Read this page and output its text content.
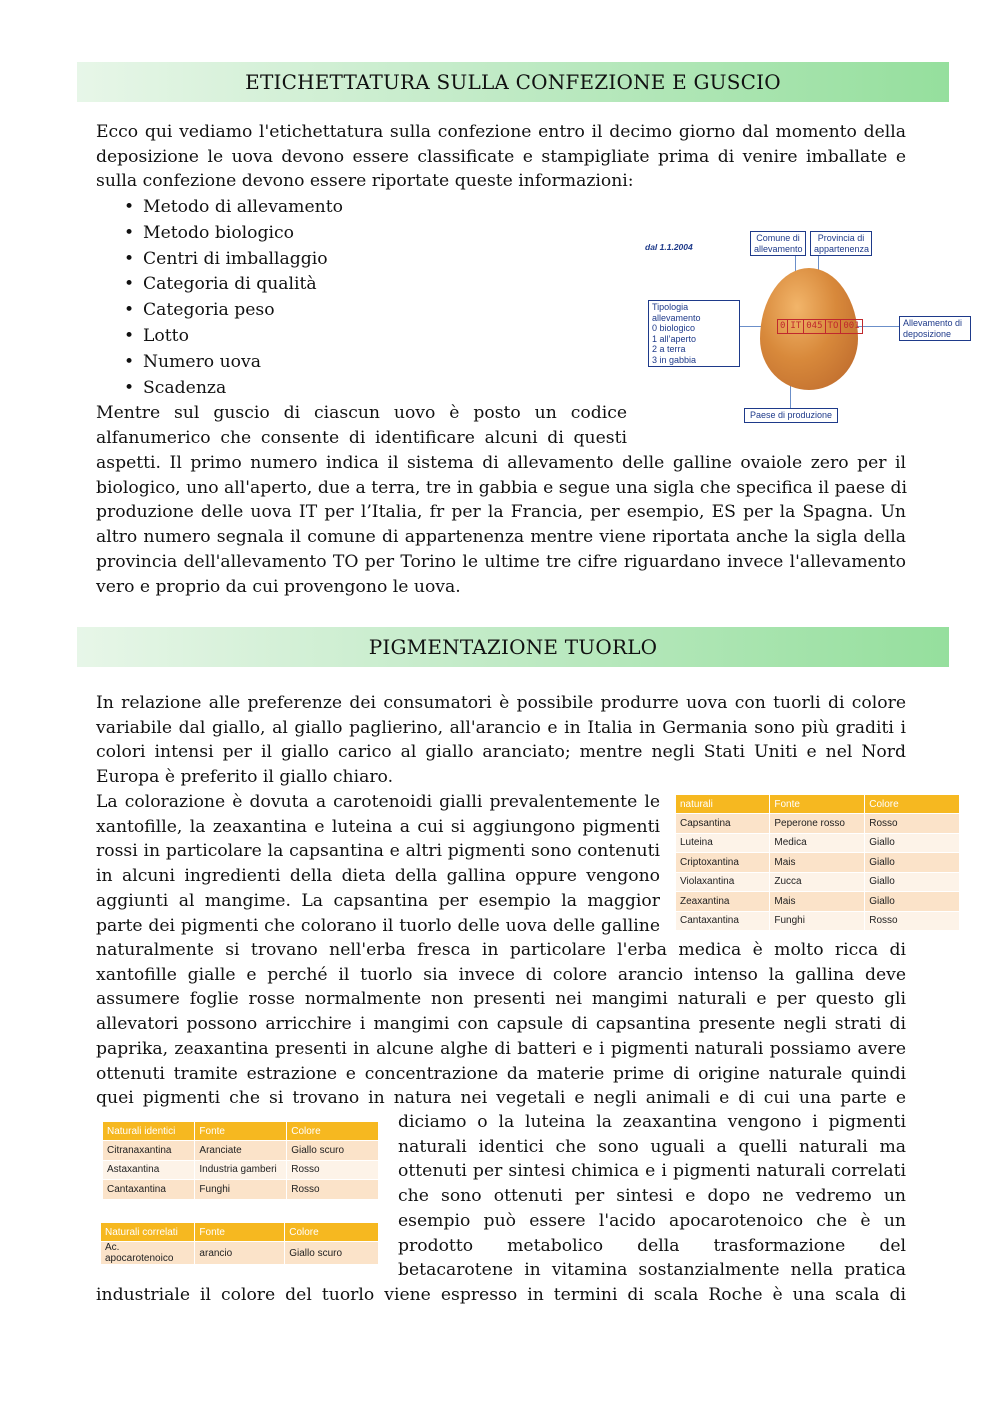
ETICHETTATURA SULLA CONFEZIONE E GUSCIO
Ecco qui vediamo l'etichettatura sulla confezione entro il decimo giorno dal momento della
deposizione le uova devono essere classificate e stampigliate prima di venire imballate e
sulla confezione devono essere riportate queste informazioni:
•
Metodo di allevamento
•
Metodo biologico
•
Centri di imballaggio
•
Categoria di qualità
•
Categoria peso
•
Lotto
•
Numero uova
•
Scadenza
Mentre sul guscio di ciascun uovo è posto un codice
alfanumerico che consente di identificare alcuni di questi
aspetti. Il primo numero indica il sistema di allevamento delle galline ovaiole zero per il
biologico, uno all'aperto, due a terra, tre in gabbia e segue una sigla che specifica il paese di
produzione delle uova IT per l’Italia, fr per la Francia, per esempio, ES per la Spagna. Un
altro numero segnala il comune di appartenenza mentre viene riportata anche la sigla della
provincia dell'allevamento TO per Torino le ultime tre cifre riguardano invece l'allevamento
vero e proprio da cui provengono le uova.
dal 1.1.2004
0 IT 045 TO 001
Comune di allevamento
Provincia di appartenenza
Tipologia allevamento
0 biologico
1 all’aperto
2 a terra
3 in gabbia
Allevamento di deposizione
Paese di produzione
PIGMENTAZIONE TUORLO
In relazione alle preferenze dei consumatori è possibile produrre uova con tuorli di colore
variabile dal giallo, al giallo paglierino, all'arancio e in Italia in Germania sono più graditi i
colori intensi per il giallo carico al giallo aranciato; mentre negli Stati Uniti e nel Nord
Europa è preferito il giallo chiaro.
La colorazione è dovuta a carotenoidi gialli prevalentemente le
xantofille, la zeaxantina e luteina a cui si aggiungono pigmenti
rossi in particolare la capsantina e altri pigmenti sono contenuti
in alcuni ingredienti della dieta della gallina oppure vengono
aggiunti al mangime. La capsantina per esempio la maggior
parte dei pigmenti che colorano il tuorlo delle uova delle galline
naturalmente si trovano nell'erba fresca in particolare l'erba medica è molto ricca di
xantofille gialle e perché il tuorlo sia invece di colore arancio intenso la gallina deve
assumere foglie rosse normalmente non presenti nei mangimi naturali e per questo gli
allevatori possono arricchire i mangimi con capsule di capsantina presente negli strati di
paprika, zeaxantina presenti in alcune alghe di batteri e i pigmenti naturali possiamo avere
ottenuti tramite estrazione e concentrazione da materie prime di origine naturale quindi
quei pigmenti che si trovano in natura nei vegetali e negli animali e di cui una parte e
diciamo o la luteina la zeaxantina vengono i pigmenti
naturali identici che sono uguali a quelli naturali ma
ottenuti per sintesi chimica e i pigmenti naturali correlati
che sono ottenuti per sintesi e dopo ne vedremo un
esempio può essere l'acido apocarotenoico che è un
prodotto metabolico della trasformazione del
betacarotene in vitamina sostanzialmente nella pratica
industriale il colore del tuorlo viene espresso in termini di scala Roche è una scala di
naturali	Fonte	Colore
Capsantina	Peperone rosso	Rosso
Luteina	Medica	Giallo
Criptoxantina	Mais	Giallo
Violaxantina	Zucca	Giallo
Zeaxantina	Mais	Giallo
Cantaxantina	Funghi	Rosso
Naturali identici	Fonte	Colore
Citranaxantina	Aranciate	Giallo scuro
Astaxantina	Industria gamberi	Rosso
Cantaxantina	Funghi	Rosso
Naturali correlati	Fonte	Colore
Ac. apocarotenoico	arancio	Giallo scuro
